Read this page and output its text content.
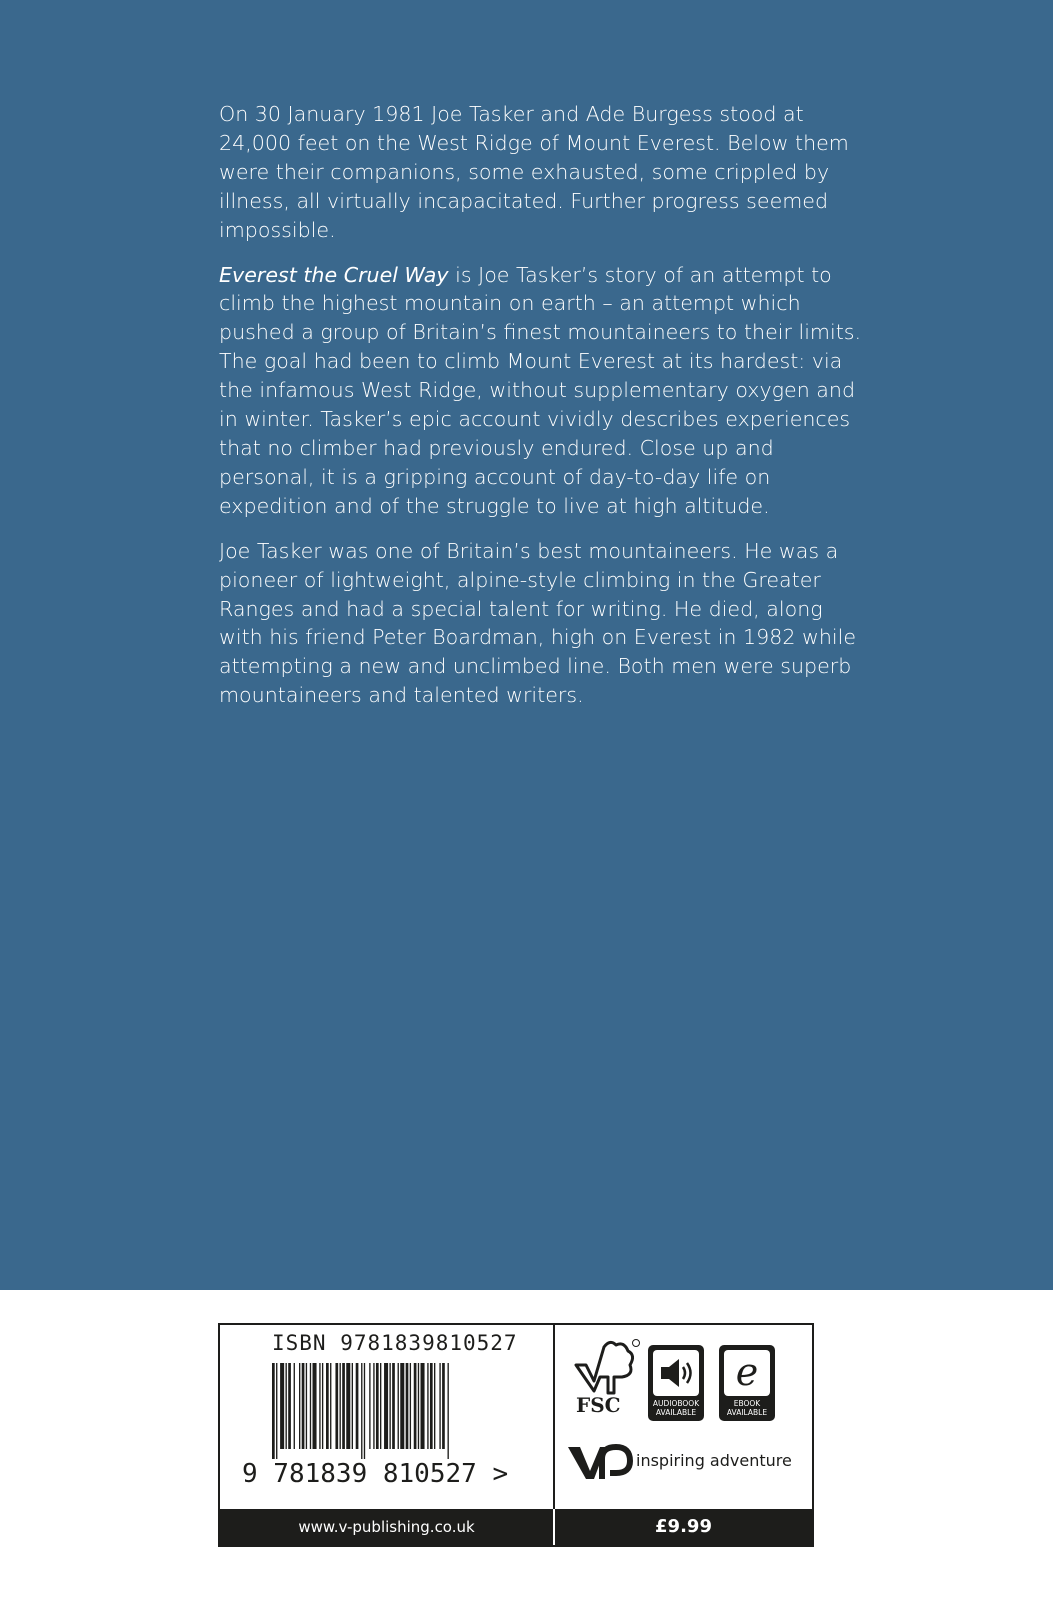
On 30 January 1981 Joe Tasker and Ade Burgess stood at 24,000 feet on the West Ridge of Mount Everest. Below them were their companions, some exhausted, some crippled by illness, all virtually incapacitated. Further progress seemed impossible.

Everest the Cruel Way is Joe Tasker’s story of an attempt to climb the highest mountain on earth – an attempt which pushed a group of Britain’s finest mountaineers to their limits. The goal had been to climb Mount Everest at its hardest: via the infamous West Ridge, without supplementary oxygen and in winter. Tasker’s epic account vividly describes experiences that no climber had previously endured. Close up and personal, it is a gripping account of day-to-day life on expedition and of the struggle to live at high altitude.

Joe Tasker was one of Britain’s best mountaineers. He was a pioneer of lightweight, alpine-style climbing in the Greater Ranges and had a special talent for writing. He died, along with his friend Peter Boardman, high on Everest in 1982 while attempting a new and unclimbed line. Both men were superb mountaineers and talented writers.

ISBN 9781839810527
9 781839 810527 >
FSC	AUDIOBOOK AVAILABLE
e
EBOOK AVAILABLE
inspiring adventure
www.v-publishing.co.uk	£9.99
